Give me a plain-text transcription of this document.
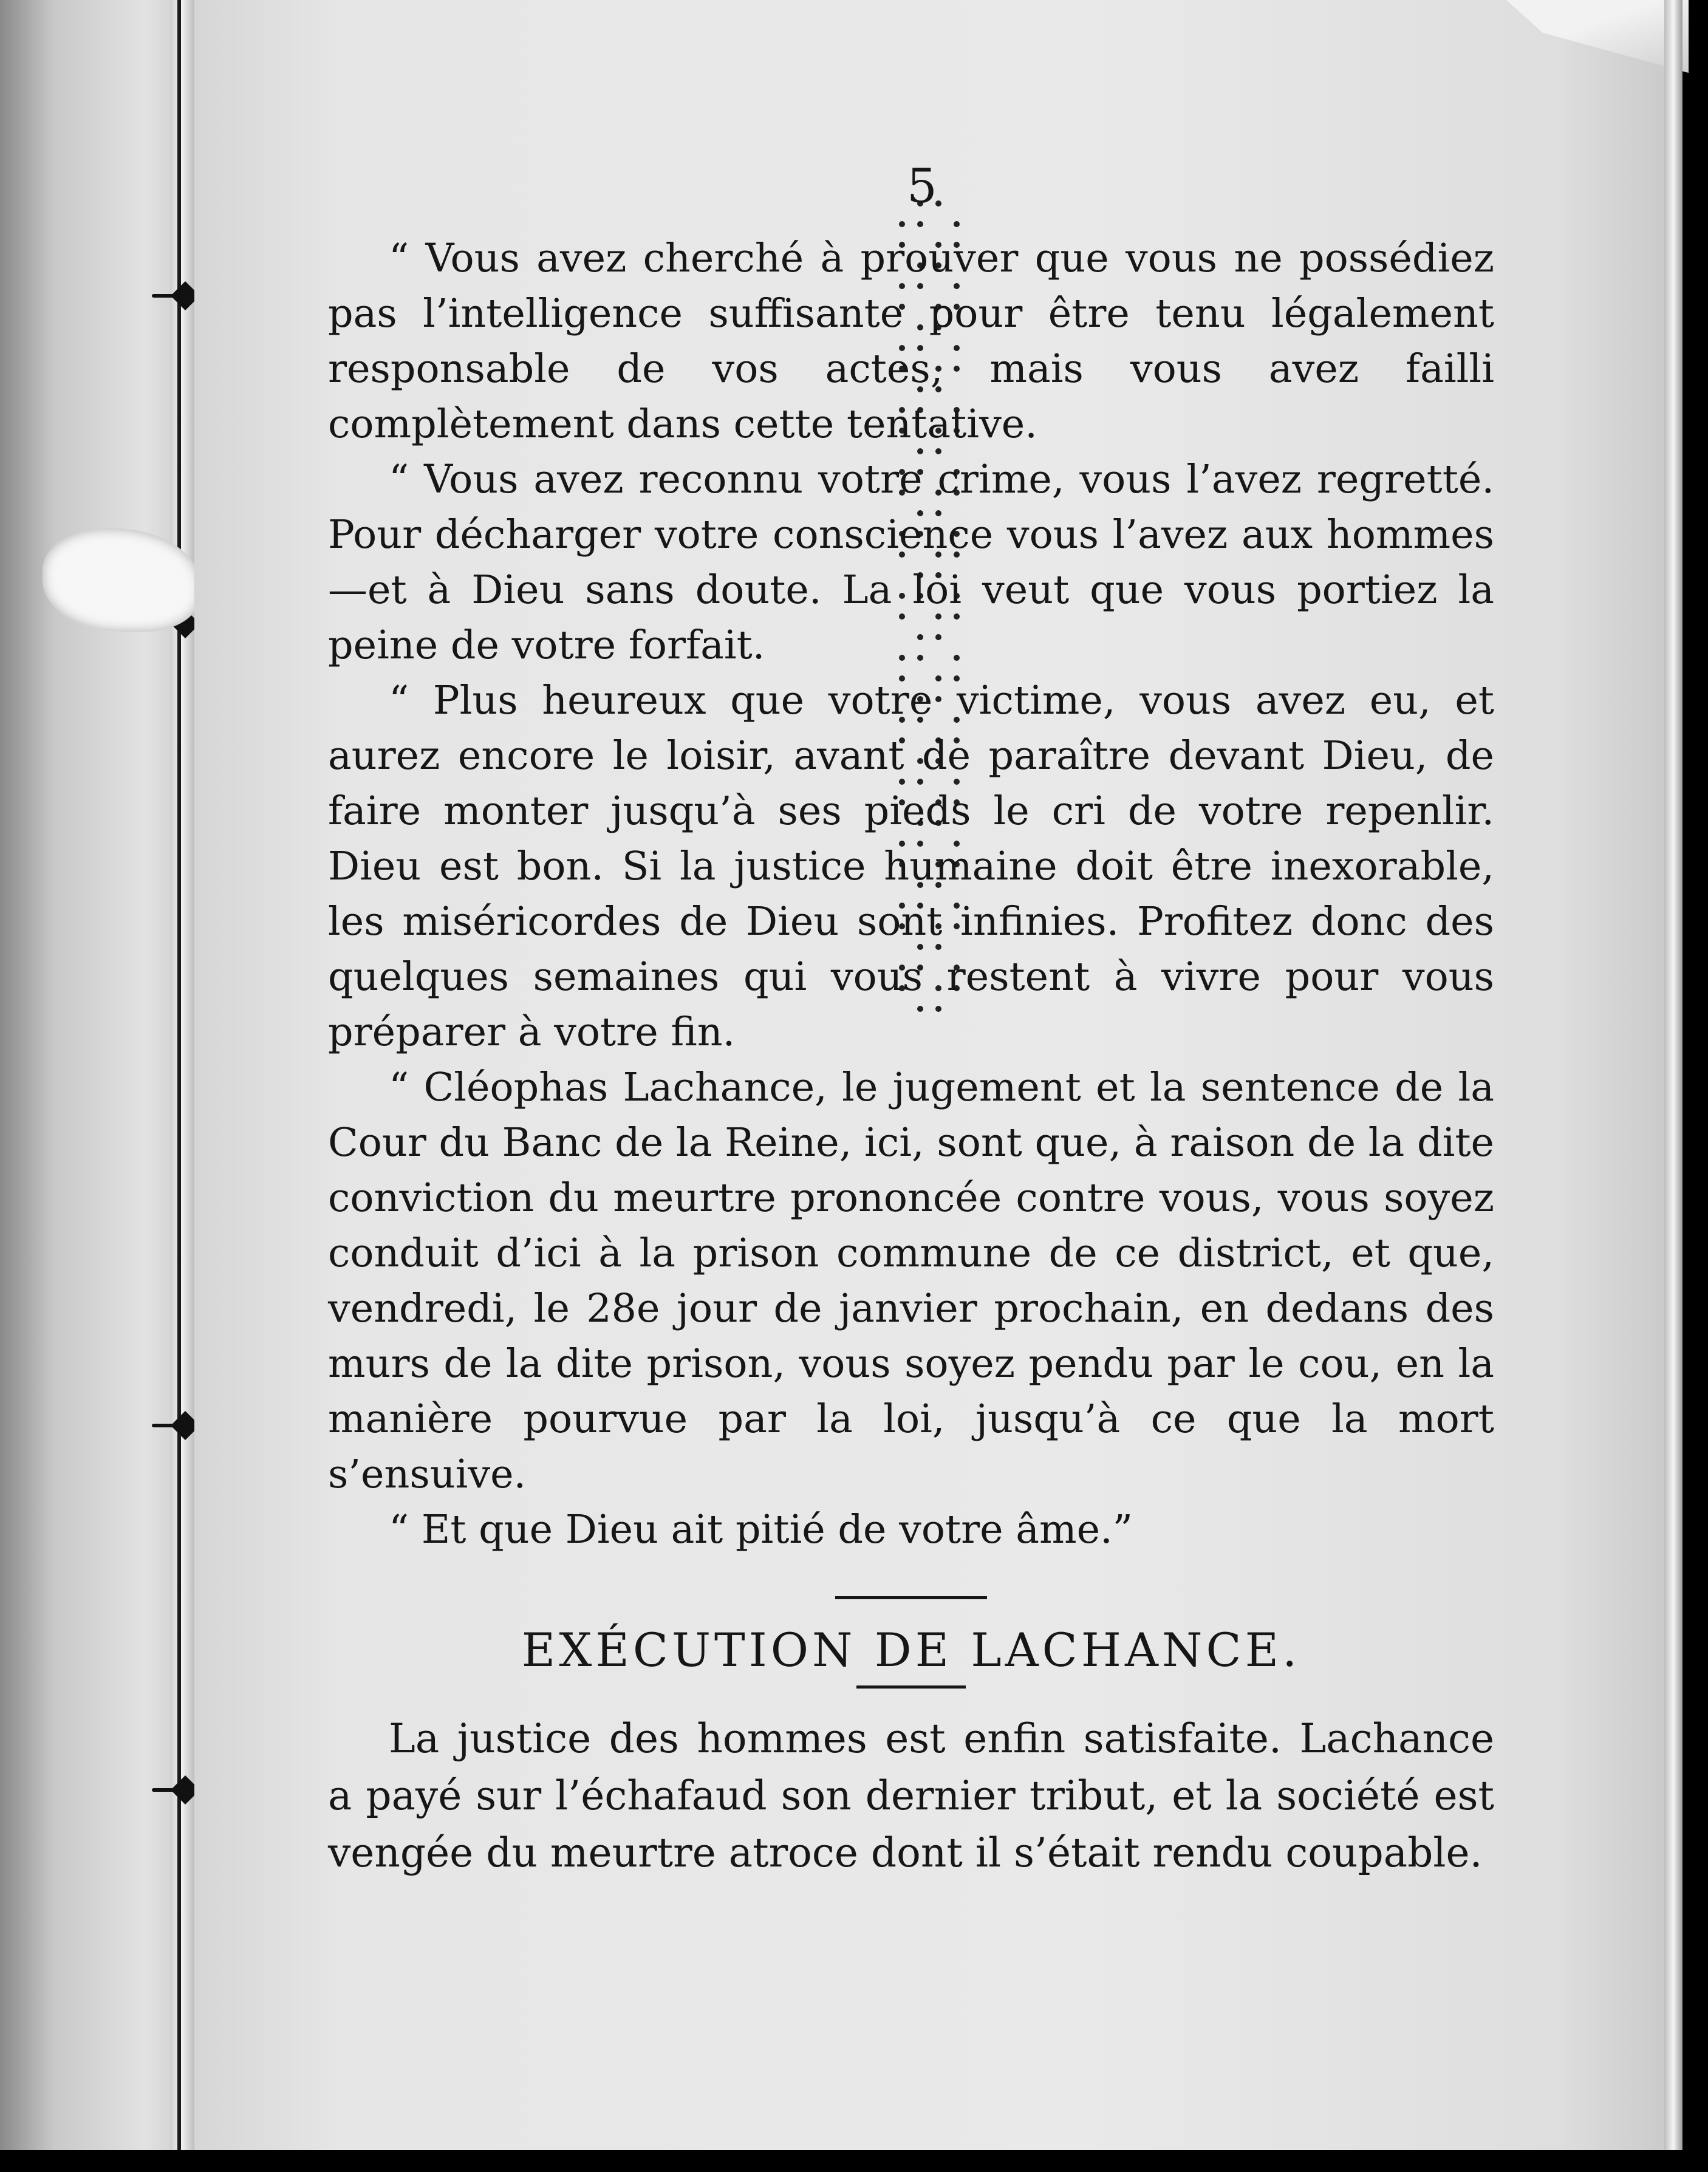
5

“ Vous avez cherché à prouver que vous ne possédiez pas l’intelligence suffisante pour être tenu légalement responsable de vos actes, mais vous avez failli complètement dans cette tentative.

“ Vous avez reconnu votre crime, vous l’avez regretté. Pour décharger votre conscience vous l’avez aux hommes—et à Dieu sans doute. La loi veut que vous portiez la peine de votre forfait.

“ Plus heureux que votre victime, vous avez eu, et aurez encore le loisir, avant de paraître devant Dieu, de faire monter jusqu’à ses pieds le cri de votre repenlir. Dieu est bon. Si la justice humaine doit être inexorable, les miséricordes de Dieu sont infinies. Profitez donc des quelques semaines qui vous restent à vivre pour vous préparer à votre fin.

“ Cléophas Lachance, le jugement et la sentence de la Cour du Banc de la Reine, ici, sont que, à raison de la dite conviction du meurtre prononcée contre vous, vous soyez conduit d’ici à la prison commune de ce district, et que, vendredi, le 28e jour de janvier prochain, en dedans des murs de la dite prison, vous soyez pendu par le cou, en la manière pourvue par la loi, jusqu’à ce que la mort s’ensuive.

“ Et que Dieu ait pitié de votre âme.”

EXÉCUTION DE LACHANCE.

La justice des hommes est enfin satisfaite. Lachance a payé sur l’échafaud son dernier tribut, et la société est vengée du meurtre atroce dont il s’était rendu coupable.
